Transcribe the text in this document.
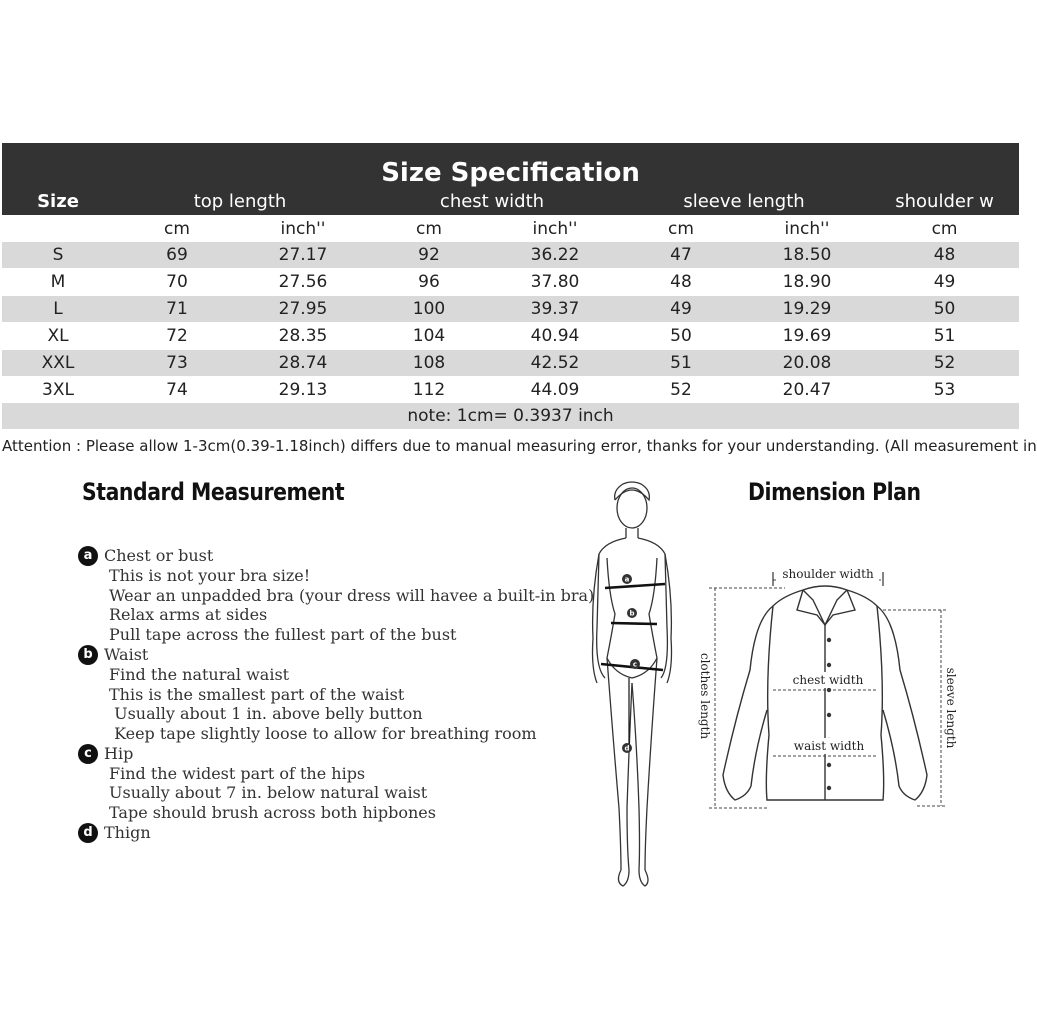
Size Specification							
Size	top length		chest width		sleeve length		shoulder w
	cm	inch''	cm	inch''	cm	inch''	cm
S	69	27.17	92	36.22	47	18.50	48

M	70	27.56	96	37.80	48	18.90	49

L	71	27.95	100	39.37	49	19.29	50

XL	72	28.35	104	40.94	50	19.69	51

XXL	73	28.74	108	42.52	51	20.08	52

3XL	74	29.13	112	44.09	52	20.47	53
note: 1cm= 0.3937 inch							
Attention : Please allow 1-3cm(0.39-1.18inch) differs due to manual measuring error, thanks for your understanding. (All measurement in
Standard Measurement	Dimension Plan
a Chest or bust
This is not your bra size!
Wear an unpadded bra (your dress will havee a built-in bra)
Relax arms at sides
Pull tape across the fullest part of the bust
b Waist
Find the natural waist
This is the smallest part of the waist
Usually about 1 in. above belly button
Keep tape slightly loose to allow for breathing room
c Hip
Find the widest part of the hips
Usually about 7 in. below natural waist
Tape should brush across both hipbones
d Thign
a
b
c
d
shoulder width
chest width
waist width
clothes length	sleeve length
